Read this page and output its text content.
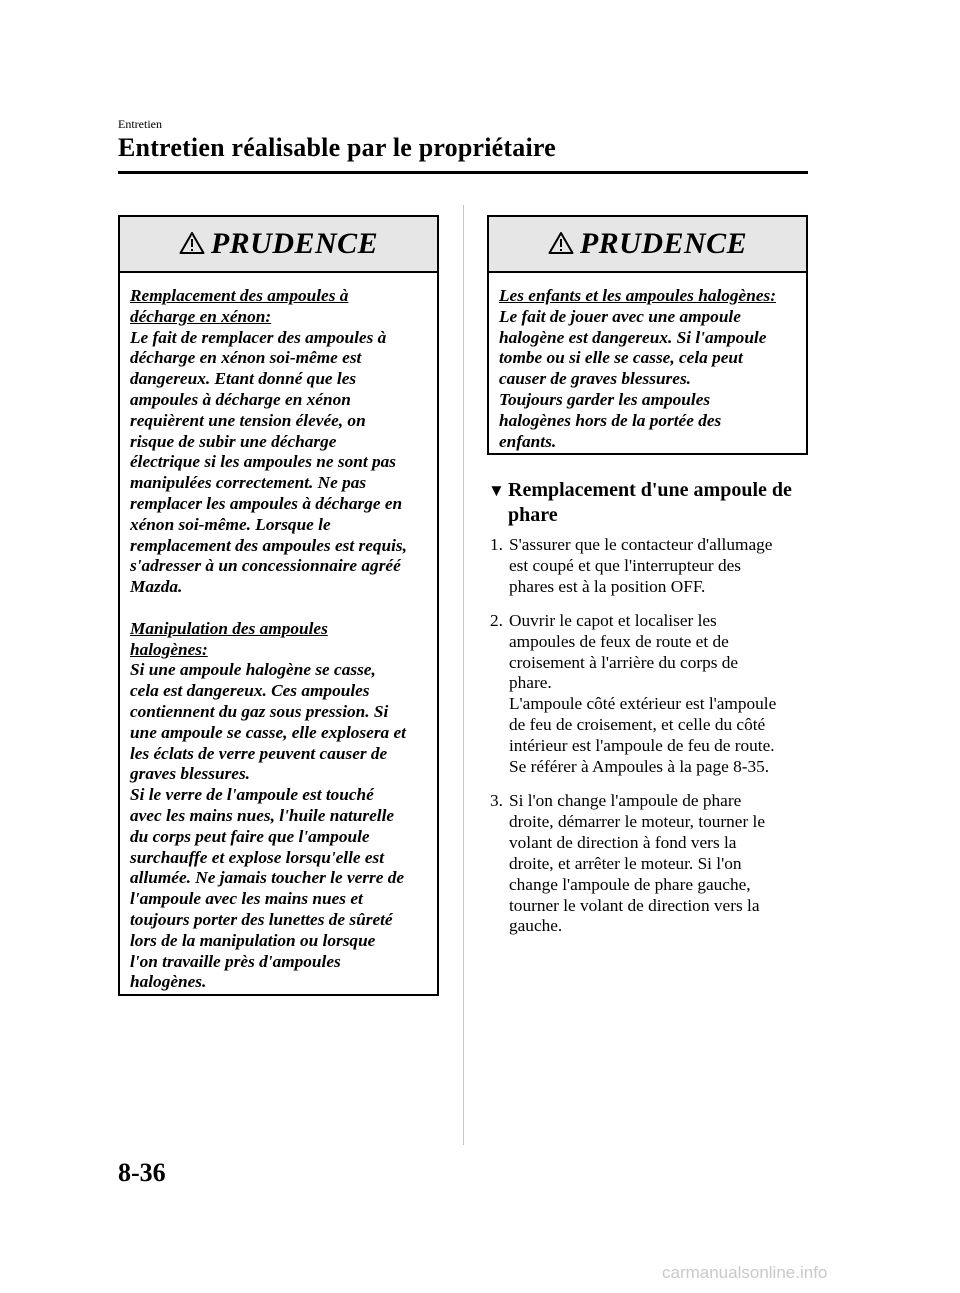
Entretien
Entretien réalisable par le propriétaire
PRUDENCE

Remplacement des ampoules à
décharge en xénon:

Le fait de remplacer des ampoules à
décharge en xénon soi-même est
dangereux. Etant donné que les
ampoules à décharge en xénon
requièrent une tension élevée, on
risque de subir une décharge
électrique si les ampoules ne sont pas
manipulées correctement. Ne pas
remplacer les ampoules à décharge en
xénon soi-même. Lorsque le
remplacement des ampoules est requis,
s'adresser à un concessionnaire agréé
Mazda.

Manipulation des ampoules
halogènes:

Si une ampoule halogène se casse,
cela est dangereux. Ces ampoules
contiennent du gaz sous pression. Si
une ampoule se casse, elle explosera et
les éclats de verre peuvent causer de
graves blessures.
Si le verre de l'ampoule est touché
avec les mains nues, l'huile naturelle
du corps peut faire que l'ampoule
surchauffe et explose lorsqu'elle est
allumée. Ne jamais toucher le verre de
l'ampoule avec les mains nues et
toujours porter des lunettes de sûreté
lors de la manipulation ou lorsque
l'on travaille près d'ampoules
halogènes.

PRUDENCE

Les enfants et les ampoules halogènes:

Le fait de jouer avec une ampoule
halogène est dangereux. Si l'ampoule
tombe ou si elle se casse, cela peut
causer de graves blessures.
Toujours garder les ampoules
halogènes hors de la portée des
enfants.

▼ Remplacement d'une ampoule de
phare
1. S'assurer que le contacteur d'allumage
est coupé et que l'interrupteur des
phares est à la position OFF.
2. Ouvrir le capot et localiser les
ampoules de feux de route et de
croisement à l'arrière du corps de
phare.
L'ampoule côté extérieur est l'ampoule
de feu de croisement, et celle du côté
intérieur est l'ampoule de feu de route.
Se référer à Ampoules à la page 8-35.
3. Si l'on change l'ampoule de phare
droite, démarrer le moteur, tourner le
volant de direction à fond vers la
droite, et arrêter le moteur. Si l'on
change l'ampoule de phare gauche,
tourner le volant de direction vers la
gauche.
8-36
carmanualsonline.info
